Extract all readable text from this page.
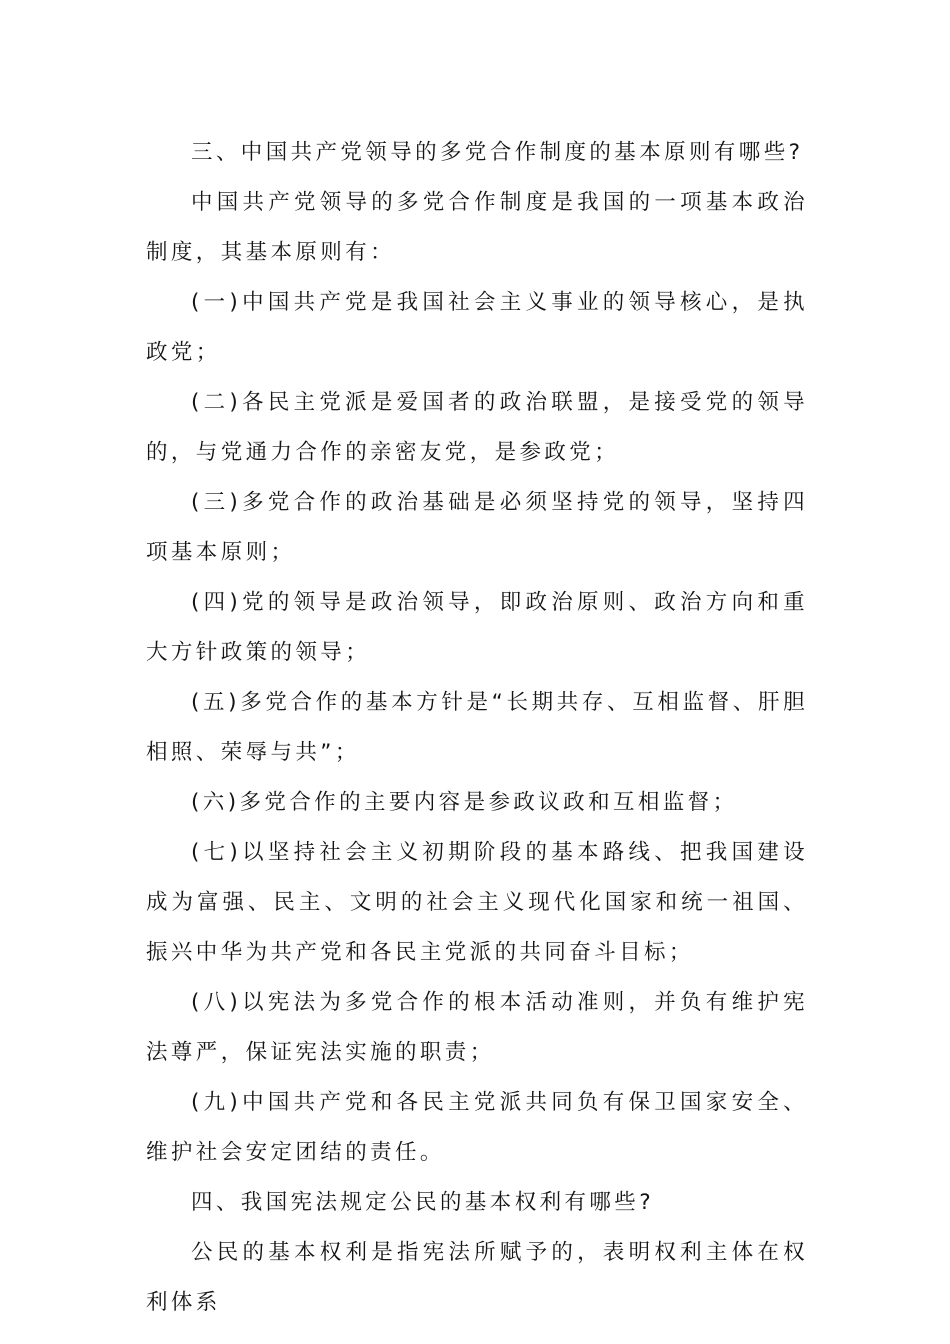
三、中国共产党领导的多党合作制度的基本原则有哪些?

中国共产党领导的多党合作制度是我国的一项基本政治制度，其基本原则有：

(一)中国共产党是我国社会主义事业的领导核心，是执政党；

(二)各民主党派是爱国者的政治联盟，是接受党的领导的，与党通力合作的亲密友党，是参政党；

(三)多党合作的政治基础是必须坚持党的领导，坚持四项基本原则；

(四)党的领导是政治领导，即政治原则、政治方向和重大方针政策的领导；

(五)多党合作的基本方针是“长期共存、互相监督、肝胆相照、荣辱与共”；

(六)多党合作的主要内容是参政议政和互相监督；

(七)以坚持社会主义初期阶段的基本路线、把我国建设成为富强、民主、文明的社会主义现代化国家和统一祖国、振兴中华为共产党和各民主党派的共同奋斗目标；

(八)以宪法为多党合作的根本活动准则，并负有维护宪法尊严，保证宪法实施的职责；

(九)中国共产党和各民主党派共同负有保卫国家安全、维护社会安定团结的责任。

四、我国宪法规定公民的基本权利有哪些?

公民的基本权利是指宪法所赋予的，表明权利主体在权利体系
